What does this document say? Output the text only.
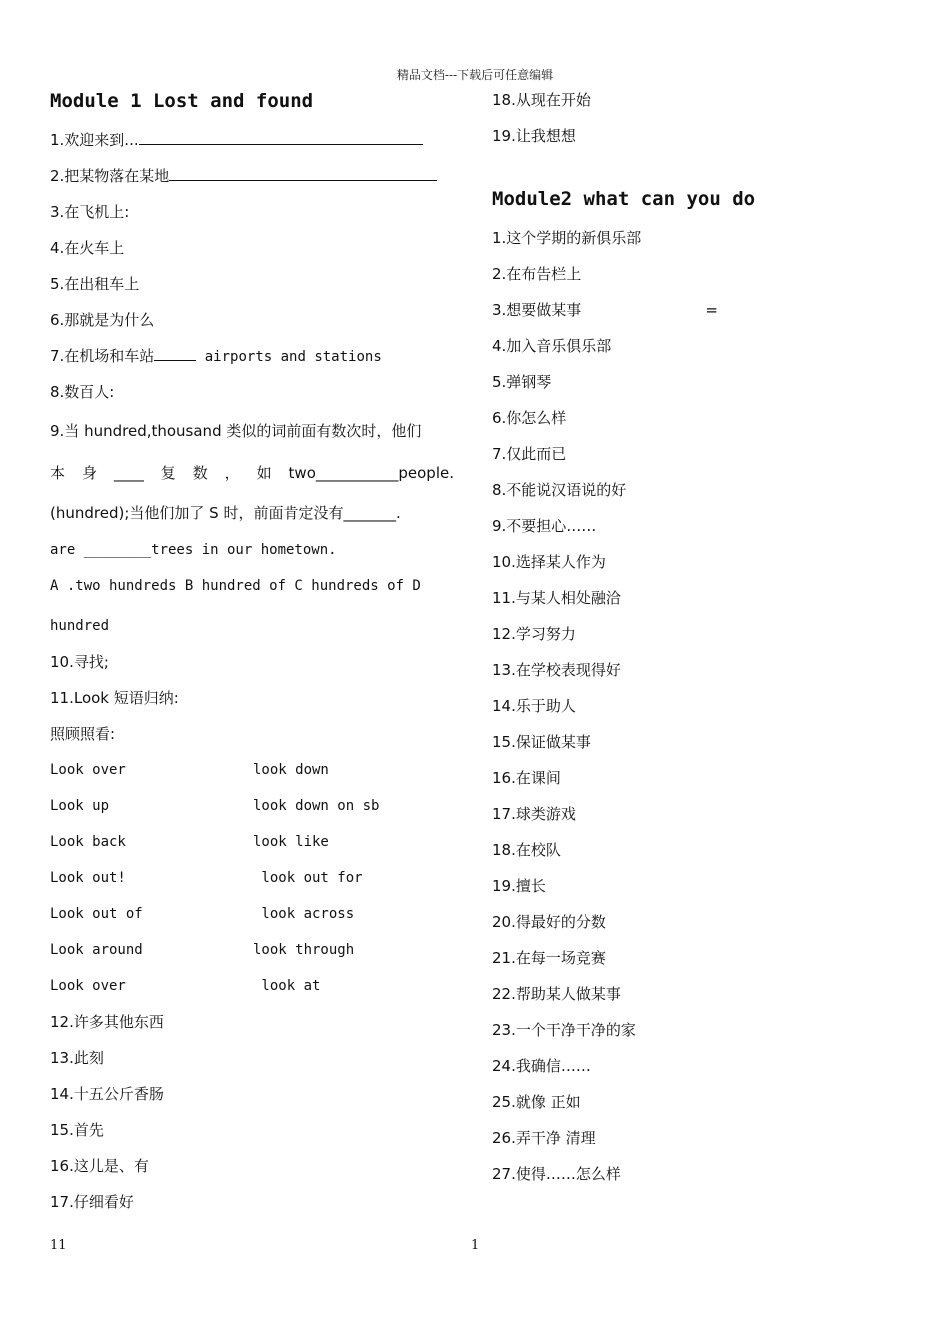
精品文档---下载后可任意编辑
Module 1 Lost and found
1.欢迎来到...
2.把某物落在某地
3.在飞机上:
4.在火车上
5.在出租车上
6.那就是为什么
7.在机场和车站	airports and stations
8.数百人:
9.当 hundred,thousand 类似的词前面有数次时，他们
本 身 ____ 复 数 ， 如 two___________people.
(hundred);当他们加了 S 时，前面肯定没有_______.
are ________trees in our hometown.
A .two hundreds B hundred of C hundreds of D
hundred
10.寻找;
11.Look 短语归纳:
照顾照看:
Look over	look down
Look up	look down on sb
Look back	look like
Look out!	look out for
Look out of	look across
Look around	look through
Look over	look at
12.许多其他东西
13.此刻
14.十五公斤香肠
15.首先
16.这儿是、有
17.仔细看好
18.从现在开始
19.让我想想
Module2 what can you do
1.这个学期的新俱乐部
2.在布告栏上
3.想要做某事	=
4.加入音乐俱乐部
5.弹钢琴
6.你怎么样
7.仅此而已
8.不能说汉语说的好
9.不要担心……
10.选择某人作为
11.与某人相处融洽
12.学习努力
13.在学校表现得好
14.乐于助人
15.保证做某事
16.在课间
17.球类游戏
18.在校队
19.擅长
20.得最好的分数
21.在每一场竞赛
22.帮助某人做某事
23.一个干净干净的家
24.我确信……
25.就像 正如
26.弄干净 清理
27.使得……怎么样
11	1
